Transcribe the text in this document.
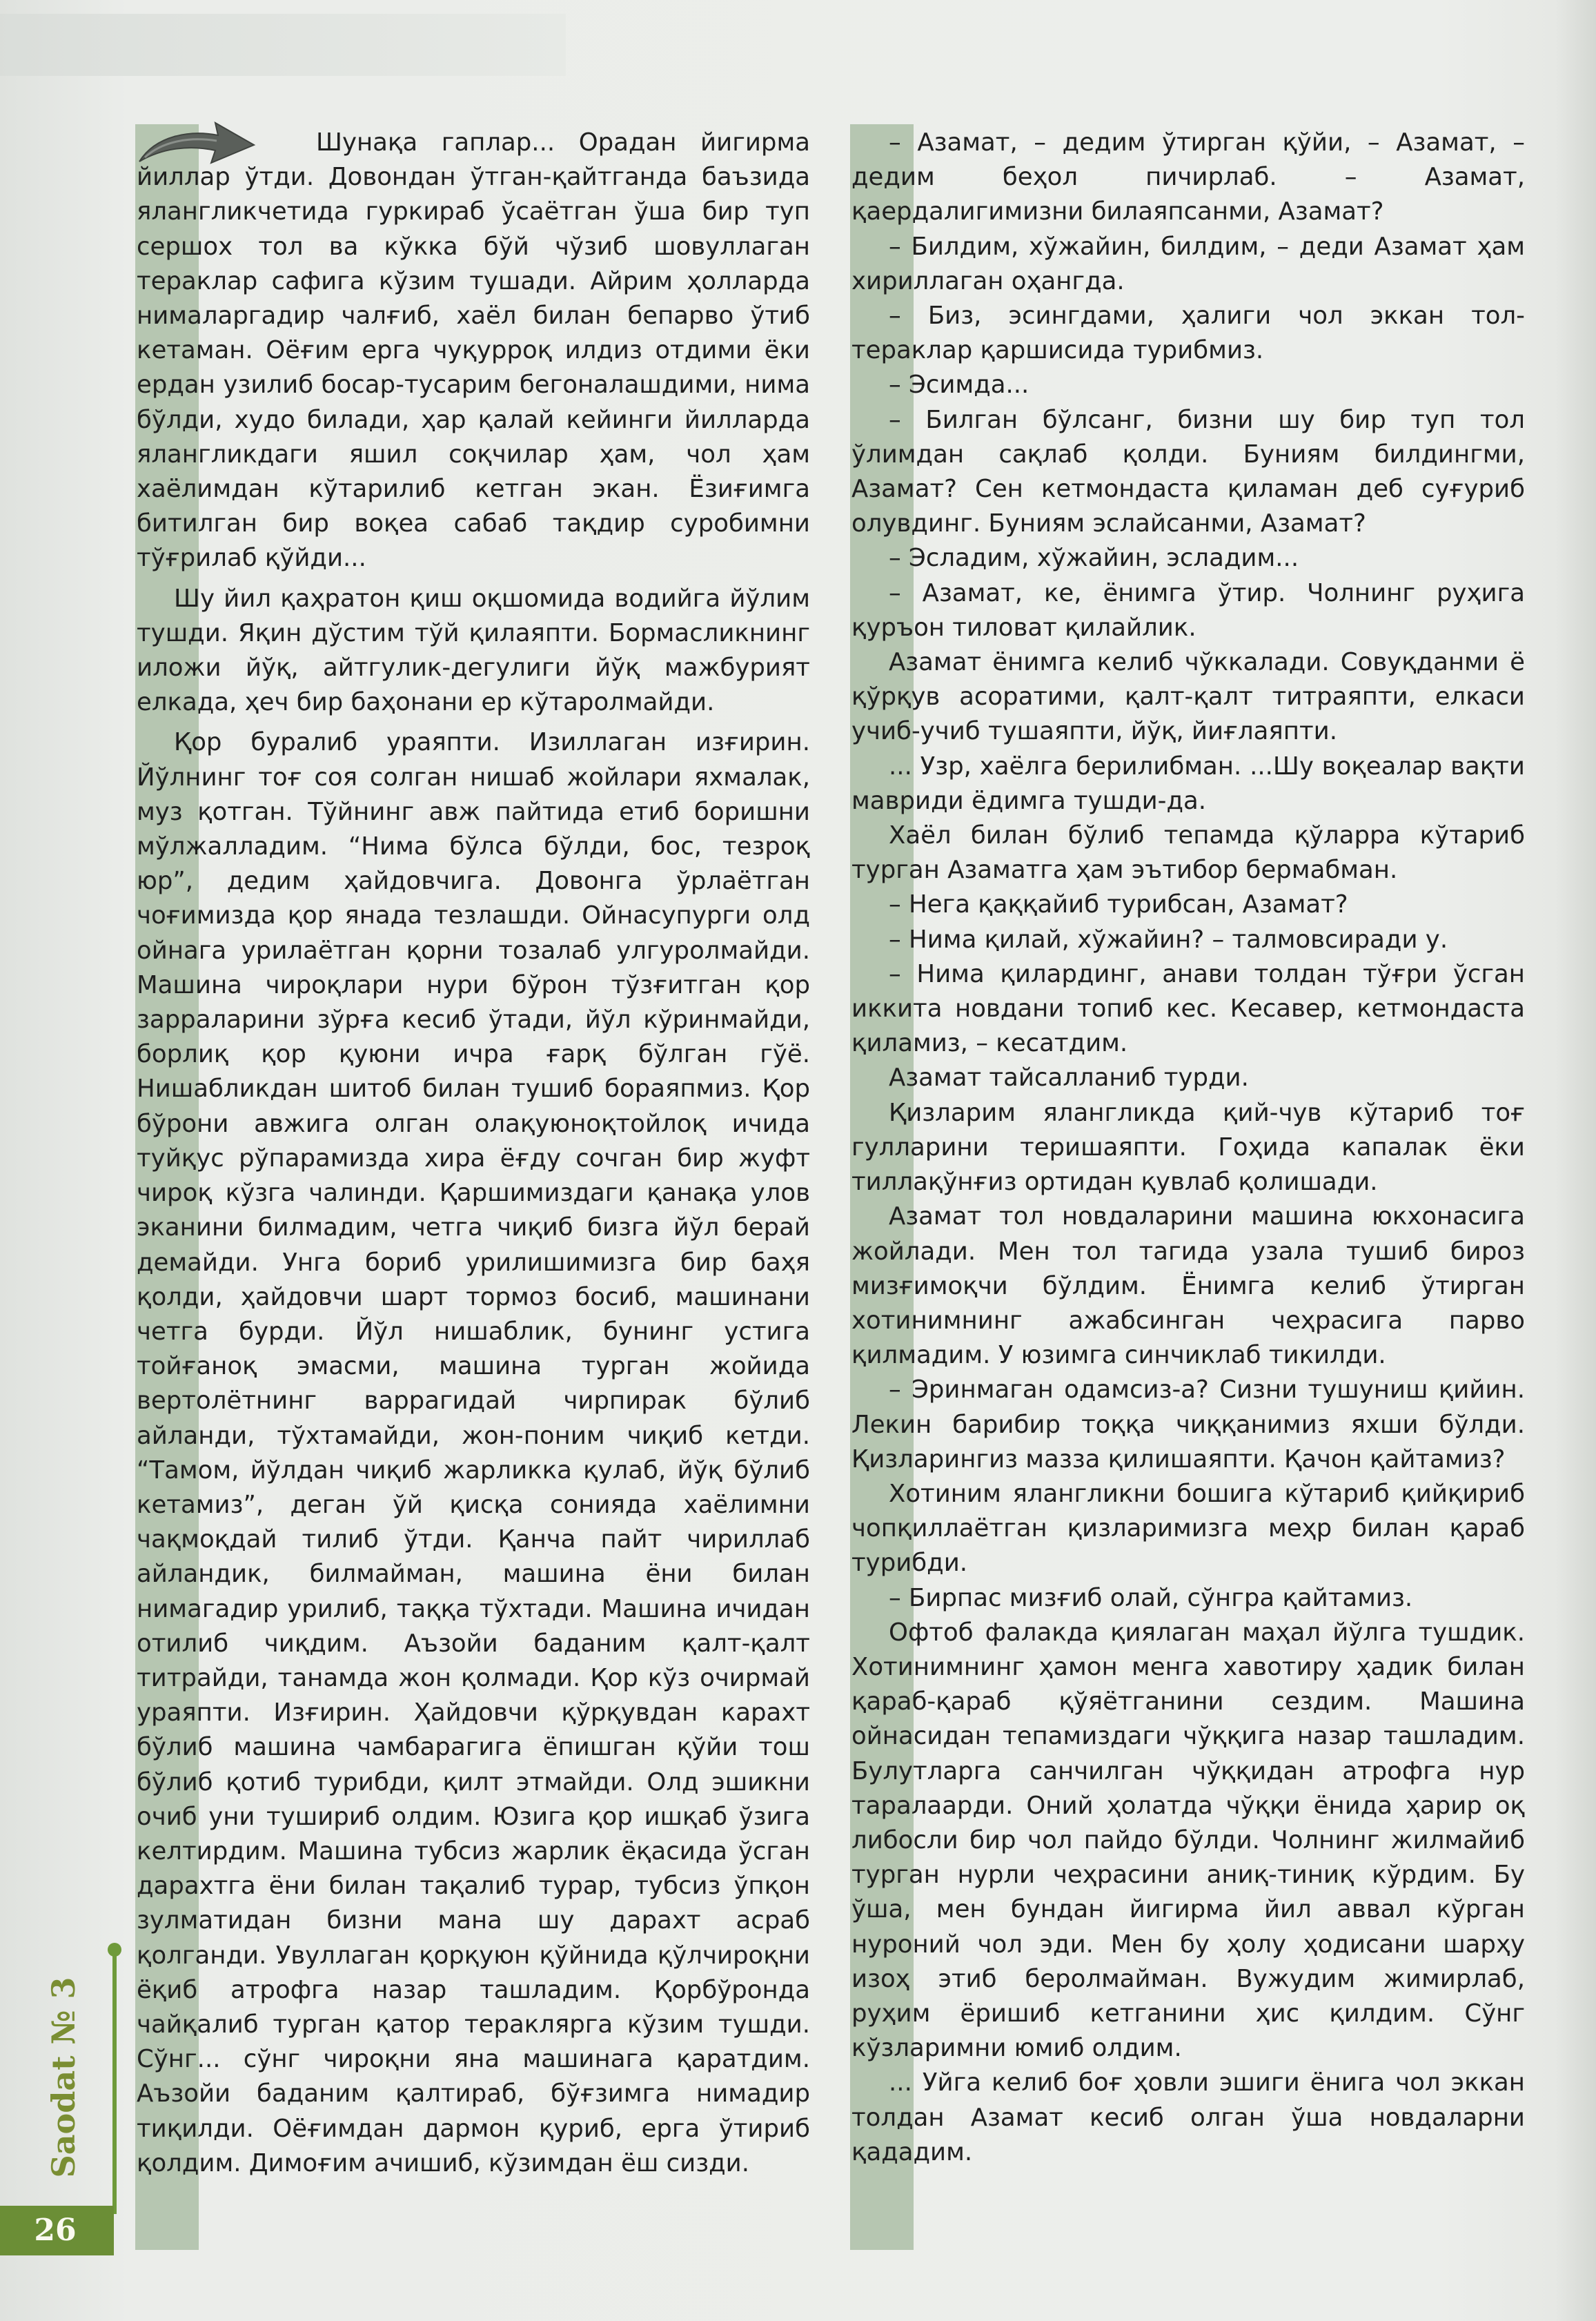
Шунақа гаплар... Орадан йигирма йиллар ўтди. Довондан ўтган-қайтганда баъзида ялангликчетида гуркираб ўсаётган ўша бир туп сершох тол ва кўкка бўй чўзиб шовуллаган тераклар сафига кўзим тушади. Айрим ҳолларда нималаргадир чалғиб, хаёл билан бепарво ўтиб кетаман. Оёғим ерга чуқурроқ илдиз отдими ёки ердан узилиб босар-тусарим бегоналашдими, нима бўлди, худо билади, ҳар қалай кейинги йилларда ялангликдаги яшил соқчилар ҳам, чол ҳам хаёлимдан кўтарилиб кетган экан. Ёзиғимга битилган бир воқеа сабаб тақдир суробимни тўғрилаб қўйди...

Шу йил қаҳратон қиш оқшомида водийга йўлим тушди. Яқин дўстим тўй қилаяпти. Бормасликнинг иложи йўқ, айтгулик-дегулиги йўқ мажбурият елкада, ҳеч бир баҳонани ер кўтаролмайди.

Қор буралиб ураяпти. Изиллаган изғирин. Йўлнинг тоғ соя солган нишаб жойлари яхмалак, муз қотган. Тўйнинг авж пайтида етиб боришни мўлжалладим. “Нима бўлса бўлди, бос, тезроқ юр”, дедим ҳайдовчига. Довонга ўрлаётган чоғимизда қор янада тезлашди. Ойнасупурги олд ойнага урилаётган қорни тозалаб улгуролмайди. Машина чироқлари нури бўрон тўзғитган қор зарраларини зўрға кесиб ўтади, йўл кўринмайди, борлиқ қор қуюни ичра ғарқ бўлган гўё. Нишабликдан шитоб билан тушиб бораяпмиз. Қор бўрони авжига олган олақуюноқтойлоқ ичида туйқус рўпарамизда хира ёғду сочган бир жуфт чироқ кўзга чалинди. Қаршимиздаги қанақа улов эканини билмадим, четга чиқиб бизга йўл берай демайди. Унга бориб урилишимизга бир баҳя қолди, ҳайдовчи шарт тормоз босиб, машинани четга бурди. Йўл нишаблик, бунинг устига тойғаноқ эмасми, машина турган жойида вертолётнинг варрагидай чирпирак бўлиб айланди, тўхтамайди, жон-поним чиқиб кетди. “Тамом, йўлдан чиқиб жарликка қулаб, йўқ бўлиб кетамиз”, деган ўй қисқа сонияда хаёлимни чақмоқдай тилиб ўтди. Қанча пайт чириллаб айландик, билмайман, машина ёни билан нимагадир урилиб, таққа тўхтади. Машина ичидан отилиб чиқдим. Аъзойи баданим қалт-қалт титрайди, танамда жон қолмади. Қор кўз очирмай ураяпти. Изғирин. Ҳайдовчи қўрқувдан карахт бўлиб машина чамбарагига ёпишган қўйи тош бўлиб қотиб турибди, қилт этмайди. Олд эшикни очиб уни тушириб олдим. Юзига қор ишқаб ўзига келтирдим. Машина тубсиз жарлик ёқасида ўсган дарахтга ёни билан тақалиб турар, тубсиз ўпқон зулматидан бизни мана шу дарахт асраб қолганди. Увуллаган қорқуюн қўйнида қўлчироқни ёқиб атрофга назар ташладим. Қорбўронда чайқалиб турган қатор тераклярга кўзим тушди. Сўнг... сўнг чироқни яна машинага қаратдим. Аъзойи баданим қалтираб, бўғзимга нимадир тиқилди. Оёғимдан дармон қуриб, ерга ўтириб қолдим. Димоғим ачишиб, кўзимдан ёш сизди.

– Азамат, – дедим ўтирган қўйи, – Азамат, – дедим беҳол пичирлаб. – Азамат, қаердалигимизни билаяпсанми, Азамат?

– Билдим, хўжайин, билдим, – деди Азамат ҳам хириллаган оҳангда.

– Биз, эсингдами, ҳалиги чол эккан тол-тераклар қаршисида турибмиз.

– Эсимда...

– Билган бўлсанг, бизни шу бир туп тол ўлимдан сақлаб қолди. Буниям билдингми, Азамат? Сен кетмондаста қиламан деб суғуриб олувдинг. Буниям эслайсанми, Азамат?

– Эсладим, хўжайин, эсладим...

– Азамат, ке, ёнимга ўтир. Чолнинг руҳига қуръон тиловат қилайлик.

Азамат ёнимга келиб чўккалади. Совуқданми ё қўрқув асоратими, қалт-қалт титраяпти, елкаси учиб-учиб тушаяпти, йўқ, йиғлаяпти.

... Узр, хаёлга берилибман. ...Шу воқеалар вақти мавриди ёдимга тушди-да.

Хаёл билан бўлиб тепамда қўларра кўтариб турган Азаматга ҳам эътибор бермабман.

– Нега қаққайиб турибсан, Азамат?

– Нима қилай, хўжайин? – талмовсиради у.

– Нима қилардинг, анави толдан тўғри ўсган иккита новдани топиб кес. Кесавер, кетмондаста қиламиз, – кесатдим.

Азамат тайсалланиб турди.

Қизларим ялангликда қий-чув кўтариб тоғ гулларини теришаяпти. Гоҳида капалак ёки тиллақўнғиз ортидан қувлаб қолишади.

Азамат тол новдаларини машина юкхонасига жойлади. Мен тол тагида узала тушиб бироз мизғимоқчи бўлдим. Ёнимга келиб ўтирган хотинимнинг ажабсинган чеҳрасига парво қилмадим. У юзимга синчиклаб тикилди.

– Эринмаган одамсиз-а? Сизни тушуниш қийин. Лекин барибир тоққа чиққанимиз яхши бўлди. Қизларингиз мазза қилишаяпти. Қачон қайтамиз?

Хотиним ялангликни бошига кўтариб қийқириб чопқиллаётган қизларимизга меҳр билан қараб турибди.

– Бирпас мизғиб олай, сўнгра қайтамиз.

Офтоб фалакда қиялаган маҳал йўлга тушдик. Хотинимнинг ҳамон менга хавотиру ҳадик билан қараб-қараб қўяётганини сездим. Машина ойнасидан тепамиздаги чўққига назар ташладим. Булутларга санчилган чўққидан атрофга нур таралаарди. Оний ҳолатда чўққи ёнида ҳарир оқ либосли бир чол пайдо бўлди. Чолнинг жилмайиб турган нурли чеҳрасини аниқ-тиниқ кўрдим. Бу ўша, мен бундан йигирма йил аввал кўрган нуроний чол эди. Мен бу ҳолу ҳодисани шарҳу изоҳ этиб беролмайман. Вужудим жимирлаб, руҳим ёришиб кетганини ҳис қилдим. Сўнг кўзларимни юмиб олдим.

... Уйга келиб боғ ҳовли эшиги ёнига чол эккан толдан Азамат кесиб олган ўша новдаларни қададим.

Saodat № 3
26
